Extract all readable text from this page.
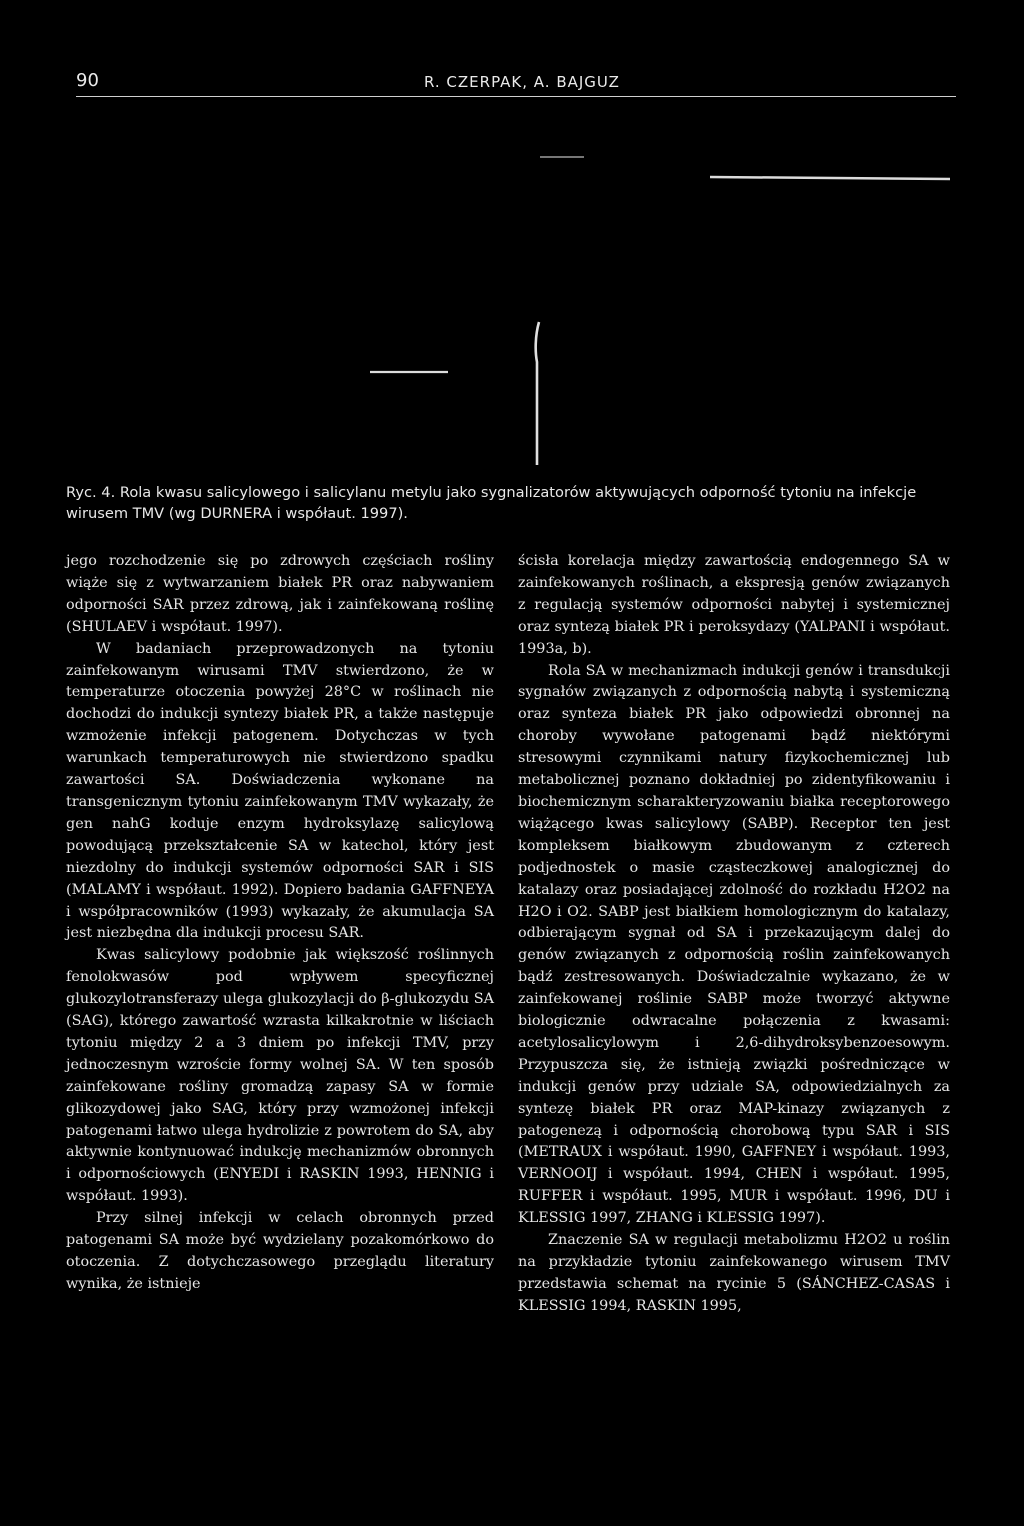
90	R. CZERPAK, A. BAJGUZ

Ryc. 4. Rola kwasu salicylowego i salicylanu metylu jako sygnalizatorów aktywujących odporność tytoniu na infekcje wirusem TMV (wg DURNERA i współaut. 1997).

jego rozchodzenie się po zdrowych częściach rośliny wiąże się z wytwarzaniem białek PR oraz nabywaniem odporności SAR przez zdrową, jak i zainfekowaną roślinę (SHULAEV i współaut. 1997).

W badaniach przeprowadzonych na tytoniu zainfekowanym wirusami TMV stwierdzono, że w temperaturze otoczenia powyżej 28°C w roślinach nie dochodzi do indukcji syntezy białek PR, a także następuje wzmożenie infekcji patogenem. Dotychczas w tych warunkach temperaturowych nie stwierdzono spadku zawartości SA. Doświadczenia wykonane na transgenicznym tytoniu zainfekowanym TMV wykazały, że gen nahG koduje enzym hydroksylazę salicylową powodującą przekształcenie SA w katechol, który jest niezdolny do indukcji systemów odporności SAR i SIS (MALAMY i współaut. 1992). Dopiero badania GAFFNEYA i współpracowników (1993) wykazały, że akumulacja SA jest niezbędna dla indukcji procesu SAR.

Kwas salicylowy podobnie jak większość roślinnych fenolokwasów pod wpływem specyficznej glukozylotransferazy ulega glukozylacji do β-glukozydu SA (SAG), którego zawartość wzrasta kilkakrotnie w liściach tytoniu między 2 a 3 dniem po infekcji TMV, przy jednoczesnym wzroście formy wolnej SA. W ten sposób zainfekowane rośliny gromadzą zapasy SA w formie glikozydowej jako SAG, który przy wzmożonej infekcji patogenami łatwo ulega hydrolizie z powrotem do SA, aby aktywnie kontynuować indukcję mechanizmów obronnych i odpornościowych (ENYEDI i RASKIN 1993, HENNIG i współaut. 1993).

Przy silnej infekcji w celach obronnych przed patogenami SA może być wydzielany pozakomórkowo do otoczenia. Z dotychczasowego przeglądu literatury wynika, że istnieje

ścisła korelacja między zawartością endogennego SA w zainfekowanych roślinach, a ekspresją genów związanych z regulacją systemów odporności nabytej i systemicznej oraz syntezą białek PR i peroksydazy (YALPANI i współaut. 1993a, b).

Rola SA w mechanizmach indukcji genów i transdukcji sygnałów związanych z odpornością nabytą i systemiczną oraz synteza białek PR jako odpowiedzi obronnej na choroby wywołane patogenami bądź niektórymi stresowymi czynnikami natury fizykochemicznej lub metabolicznej poznano dokładniej po zidentyfikowaniu i biochemicznym scharakteryzowaniu białka receptorowego wiążącego kwas salicylowy (SABP). Receptor ten jest kompleksem białkowym zbudowanym z czterech podjednostek o masie cząsteczkowej analogicznej do katalazy oraz posiadającej zdolność do rozkładu H2O2 na H2O i O2. SABP jest białkiem homologicznym do katalazy, odbierającym sygnał od SA i przekazującym dalej do genów związanych z odpornością roślin zainfekowanych bądź zestresowanych. Doświadczalnie wykazano, że w zainfekowanej roślinie SABP może tworzyć aktywne biologicznie odwracalne połączenia z kwasami: acetylosalicylowym i 2,6-dihydroksybenzoesowym. Przypuszcza się, że istnieją związki pośredniczące w indukcji genów przy udziale SA, odpowiedzialnych za syntezę białek PR oraz MAP-kinazy związanych z patogenezą i odpornością chorobową typu SAR i SIS (METRAUX i współaut. 1990, GAFFNEY i współaut. 1993, VERNOOIJ i współaut. 1994, CHEN i współaut. 1995, RUFFER i współaut. 1995, MUR i współaut. 1996, DU i KLESSIG 1997, ZHANG i KLESSIG 1997).

Znaczenie SA w regulacji metabolizmu H2O2 u roślin na przykładzie tytoniu zainfekowanego wirusem TMV przedstawia schemat na rycinie 5 (SÁNCHEZ-CASAS i KLESSIG 1994, RASKIN 1995,
